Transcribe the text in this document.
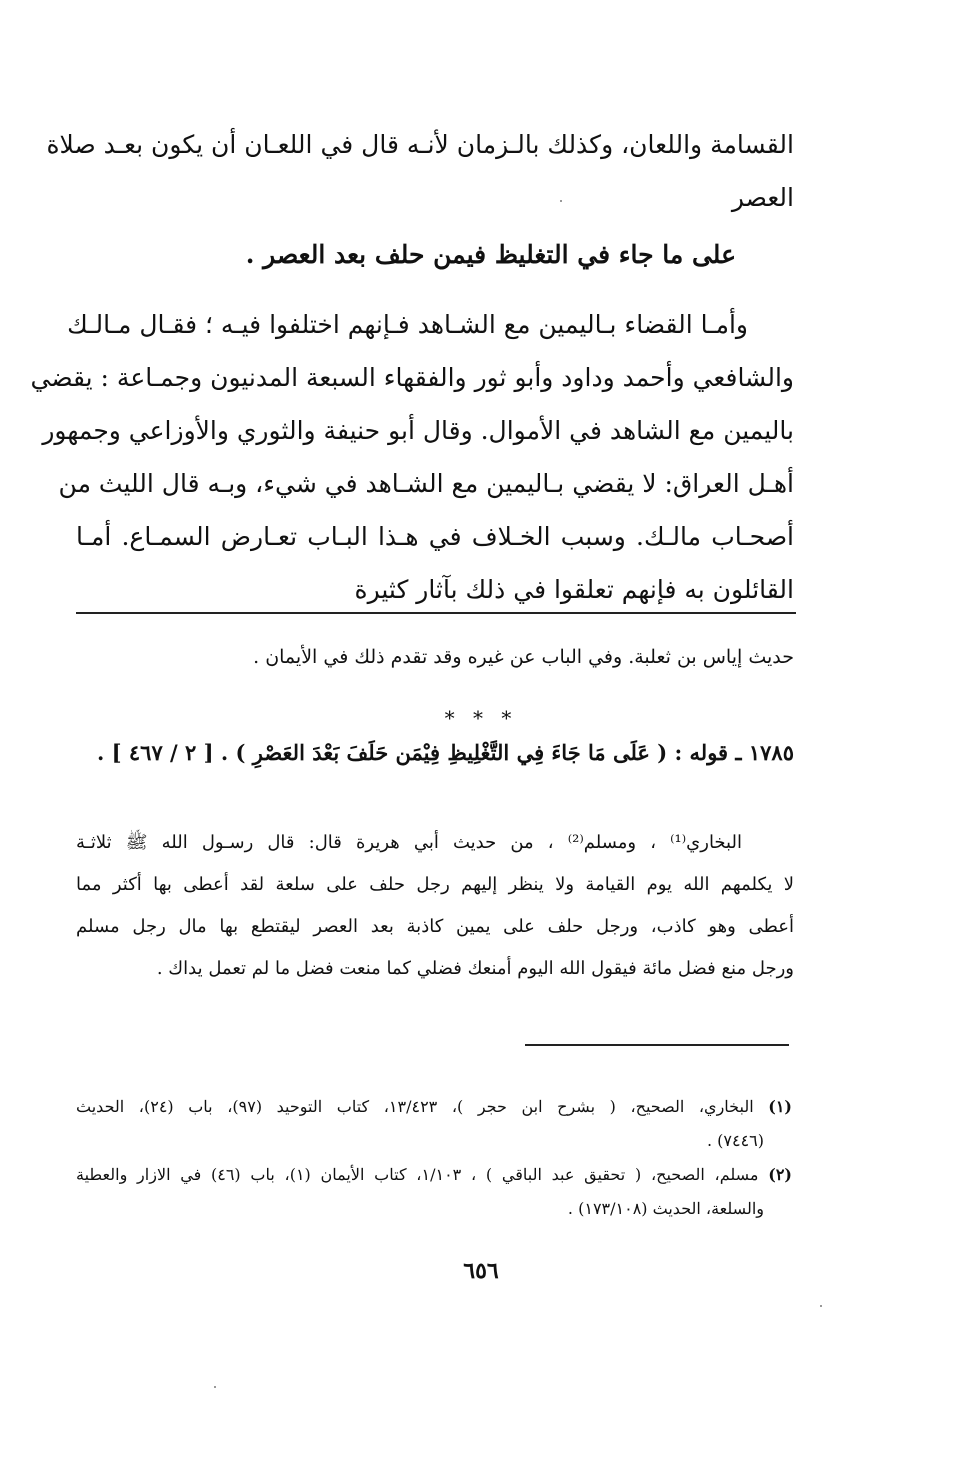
القسامة واللعان، وكذلك بالـزمان لأنـه قال في اللعـان أن يكون بعـد صلاة
العصر
على ما جاء في التغليظ فيمن حلف بعد العصر .
وأمـا القضاء بـاليمين مع الشـاهد فـإنهم اختلفوا فيـه ؛ فقـال مـالـك
والشافعي وأحمد وداود وأبو ثور والفقهاء السبعة المدنيون وجمـاعة : يقضي
باليمين مع الشاهد في الأموال. وقال أبو حنيفة والثوري والأوزاعي وجمهور
أهـل العراق: لا يقضي بـاليمين مع الشـاهد في شيء، وبـه قال الليث من
أصحـاب مالـك. وسبب الخـلاف في هـذا البـاب تعـارض السمـاع. أمـا
القائلون به فإنهم تعلقوا في ذلك بآثار كثيرة
حديث إياس بن ثعلبة. وفي الباب عن غيره وقد تقدم ذلك في الأيمان .
* * *
١٧٨٥ ـ قوله : ( عَلَى مَا جَاءَ فِي التَّغْلِيظِ فِيْمَن حَلَفَ بَعْدَ العَصْرِ ) . [ ٢ / ٤٦٧ ] .
البخاري⁽¹⁾ ، ومسلم⁽²⁾ ، من حديث أبي هريرة قال: قال رسـول الله ﷺ ثلاثـة
لا يكلمهم الله يوم القيامة ولا ينظر إليهم رجل حلف على سلعة لقد أعطى بها أكثر مما
أعطى وهو كاذب، ورجل حلف على يمين كاذبة بعد العصر ليقتطع بها مال رجل مسلم
ورجل منع فضل مائة فيقول الله اليوم أمنعك فضلي كما منعت فضل ما لم تعمل يداك .
(١) البخاري، الصحيح، ( بشرح ابن حجر )، ١٣/٤٢٣، كتاب التوحيد (٩٧)، باب (٢٤)، الحديث
(٧٤٤٦) .
(٢) مسلم، الصحيح، ( تحقيق عبد الباقي ) ، ١/١٠٣، كتاب الأيمان (١)، باب (٤٦) في الازار والعطية
والسلعة، الحديث (١٧٣/١٠٨) .
٦٥٦
